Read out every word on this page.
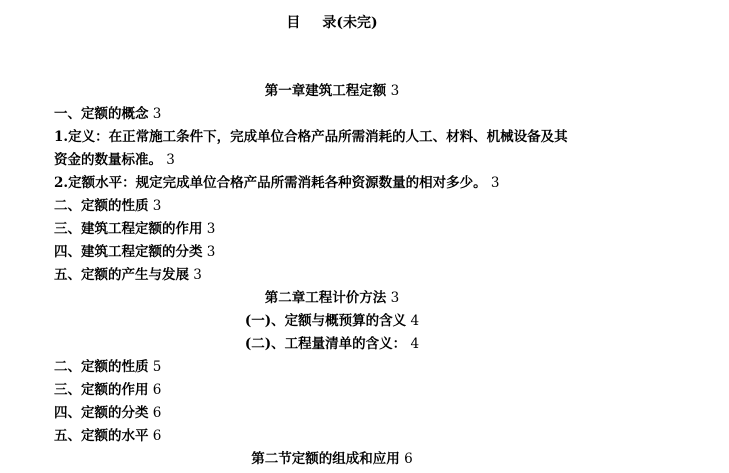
目 录(未完)
第一章建筑工程定额 3
一、定额的概念 3
1.定义：在正常施工条件下，完成单位合格产品所需消耗的人工、材料、机械设备及其
资金的数量标准。 3
2.定额水平：规定完成单位合格产品所需消耗各种资源数量的相对多少。 3
二、定额的性质 3
三、建筑工程定额的作用 3
四、建筑工程定额的分类 3
五、定额的产生与发展 3
第二章工程计价方法 3
(一)、定额与概预算的含义 4
(二)、工程量清单的含义： 4
二、定额的性质 5
三、定额的作用 6
四、定额的分类 6
五、定额的水平 6
第二节定额的组成和应用 6
